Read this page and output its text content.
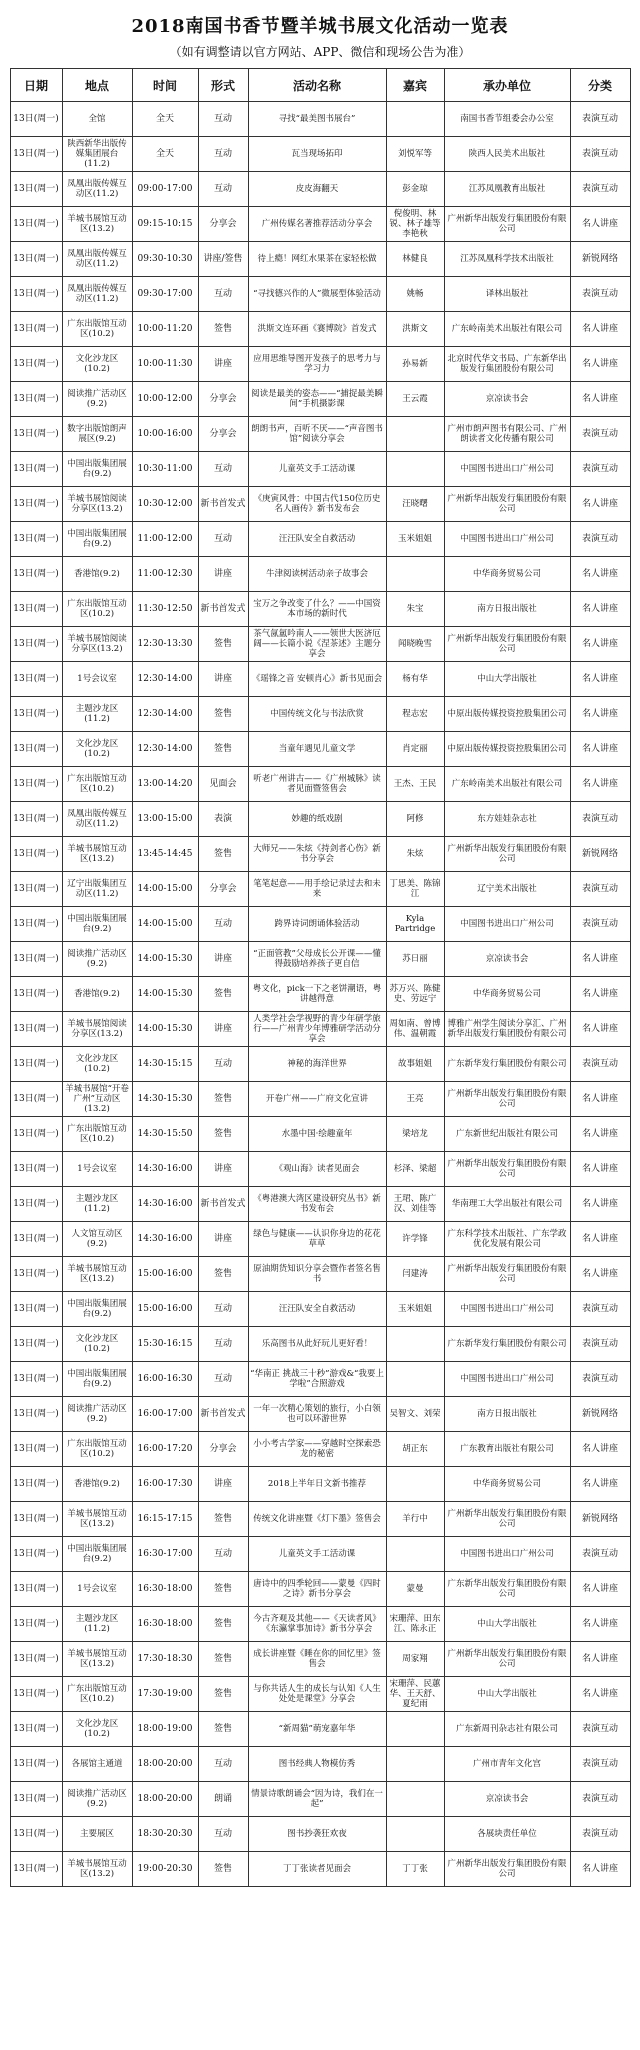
2018南国书香节暨羊城书展文化活动一览表
（如有调整请以官方网站、APP、微信和现场公告为准）
日期	地点	时间	形式	活动名称	嘉宾	承办单位	分类
13日(周一)	全馆	全天	互动	寻找“最美图书展台”		南国书香节组委会办公室	表演互动
13日(周一)	陕西新华出版传媒集团展台(11.2)	全天	互动	瓦当现场拓印	刘悦军等	陕西人民美术出版社	表演互动
13日(周一)	凤凰出版传媒互动区(11.2)	09:00-17:00	互动	皮皮海翻天	彭金琼	江苏凤凰教育出版社	表演互动
13日(周一)	羊城书展馆互动区(13.2)	09:15-10:15	分享会	广州传媒名著推荐活动分享会	倪俊明、林锐、林子雄等李艳秋	广州新华出版发行集团股份有限公司	名人讲座
13日(周一)	凤凰出版传媒互动区(11.2)	09:30-10:30	讲座/签售	待上瘾！网红水果茶在家轻松做	林健良	江苏凤凰科学技术出版社	新锐网络
13日(周一)	凤凰出版传媒互动区(11.2)	09:30-17:00	互动	“寻找德兴作的人”微展型体验活动	姚畅	译林出版社	表演互动
13日(周一)	广东出版馆互动区(10.2)	10:00-11:20	签售	洪斯文连环画《赛博院》首发式	洪斯文	广东岭南美术出版社有限公司	名人讲座
13日(周一)	文化沙龙区(10.2)	10:00-11:30	讲座	应用思维导图开发孩子的思考力与学习力	孙易新	北京时代华文书局、广东新华出版发行集团股份有限公司	名人讲座
13日(周一)	阅读推广活动区(9.2)	10:00-12:00	分享会	阅读是最美的姿态——“捕捉最美瞬间”手机摄影课	王云霞	京凉读书会	名人讲座
13日(周一)	数字出版馆朗声展区(9.2)	10:00-16:00	分享会	朗朗书声，百听不厌——“声音图书馆”阅读分享会		广州市朗声图书有限公司、广州朗读者文化传播有限公司	表演互动
13日(周一)	中国出版集团展台(9.2)	10:30-11:00	互动	儿童英文手工活动课		中国图书进出口广州公司	表演互动
13日(周一)	羊城书展馆阅读分享区(13.2)	10:30-12:00	新书首发式	《庚寅风骨：中国古代150位历史名人画传》新书发布会	汪晓曙	广州新华出版发行集团股份有限公司	名人讲座
13日(周一)	中国出版集团展台(9.2)	11:00-12:00	互动	汪汪队安全自救活动	玉米姐姐	中国图书进出口广州公司	表演互动
13日(周一)	香港馆(9.2)	11:00-12:30	讲座	牛津阅读树活动亲子故事会		中华商务贸易公司	名人讲座
13日(周一)	广东出版馆互动区(10.2)	11:30-12:50	新书首发式	宝万之争改变了什么？——中国资本市场的新时代	朱宝	南方日报出版社	名人讲座
13日(周一)	羊城书展馆阅读分享区(13.2)	12:30-13:30	签售	茶气氤氲吟南人——领世大医济厄阔——长篇小说《涅茶述》主题分享会	闻晓晚雪	广州新华出版发行集团股份有限公司	名人讲座
13日(周一)	1号会议室	12:30-14:00	讲座	《瑶锋之音 安顿肖心》新书见面会	杨有华	中山大学出版社	名人讲座
13日(周一)	主题沙龙区(11.2)	12:30-14:00	签售	中国传统文化与书法欣赏	程志宏	中原出版传媒投资控股集团公司	名人讲座
13日(周一)	文化沙龙区(10.2)	12:30-14:00	签售	当童年遇见儿童文学	肖定丽	中原出版传媒投资控股集团公司	名人讲座
13日(周一)	广东出版馆互动区(10.2)	13:00-14:20	见面会	听老广州讲古——《广州城脉》读者见面暨签售会	王杰、王民	广东岭南美术出版社有限公司	名人讲座
13日(周一)	凤凰出版传媒互动区(11.2)	13:00-15:00	表演	妙趣的纸戏剧	阿修	东方娃娃杂志社	表演互动
13日(周一)	羊城书展馆互动区(13.2)	13:45-14:45	签售	大师兄——朱炫《持剑者心伤》新书分享会	朱炫	广州新华出版发行集团股份有限公司	新锐网络
13日(周一)	辽宁出版集团互动区(11.2)	14:00-15:00	分享会	笔笔起意——用手绘记录过去和未来	丁思美、陈锦江	辽宁美术出版社	表演互动
13日(周一)	中国出版集团展台(9.2)	14:00-15:00	互动	跨界诗词朗诵体验活动	Kyla Partridge	中国图书进出口广州公司	表演互动
13日(周一)	阅读推广活动区(9.2)	14:00-15:30	讲座	“正面管教”父母成长公开课——懂得鼓励培养孩子更自信	苏日丽	京凉读书会	名人讲座
13日(周一)	香港馆(9.2)	14:00-15:30	签售	粤文化，pick一下之老饼潮语，粤讲越得意	苏万兴、陈健史、劳远宁	中华商务贸易公司	名人讲座
13日(周一)	羊城书展馆阅读分享区(13.2)	14:00-15:30	讲座	人类学社会学视野的青少年研学旅行——广州青少年博雅研学活动分享会	周如南、曾博伟、温朝霞	博雅广州学生阅读分享汇、广州新华出版发行集团股份有限公司	名人讲座
13日(周一)	文化沙龙区(10.2)	14:30-15:15	互动	神秘的海洋世界	故事姐姐	广东新华发行集团股份有限公司	表演互动
13日(周一)	羊城书展馆“开卷广州”互动区(13.2)	14:30-15:30	签售	开卷广州——广府文化宣讲	王亮	广州新华出版发行集团股份有限公司	名人讲座
13日(周一)	广东出版馆互动区(10.2)	14:30-15:50	签售	水墨中国·绘趣童年	梁培龙	广东新世纪出版社有限公司	名人讲座
13日(周一)	1号会议室	14:30-16:00	讲座	《观山海》读者见面会	杉泽、梁超	广州新华出版发行集团股份有限公司	名人讲座
13日(周一)	主题沙龙区(11.2)	14:30-16:00	新书首发式	《粤港澳大湾区建设研究丛书》新书发布会	王珺、陈广汉、刘佳等	华南理工大学出版社有限公司	名人讲座
13日(周一)	人文馆互动区(9.2)	14:30-16:00	讲座	绿色与健康——认识你身边的花花草草	许学锋	广东科学技术出版社、广东学政优化发展有限公司	名人讲座
13日(周一)	羊城书展馆互动区(13.2)	15:00-16:00	签售	原油期货知识分享会暨作者签名售书	闫建涛	广州新华出版发行集团股份有限公司	名人讲座
13日(周一)	中国出版集团展台(9.2)	15:00-16:00	互动	汪汪队安全自救活动	玉米姐姐	中国图书进出口广州公司	表演互动
13日(周一)	文化沙龙区(10.2)	15:30-16:15	互动	乐高图书从此好玩儿更好看！		广东新华发行集团股份有限公司	表演互动
13日(周一)	中国出版集团展台(9.2)	16:00-16:30	互动	“华南正 挑战三十秒”游戏&“我要上学啦”合照游戏		中国图书进出口广州公司	表演互动
13日(周一)	阅读推广活动区(9.2)	16:00-17:00	新书首发式	一年一次精心策划的旅行，小白领也可以环游世界	吴智文、刘荣	南方日报出版社	新锐网络
13日(周一)	广东出版馆互动区(10.2)	16:00-17:20	分享会	小小考古学家——穿越时空探索恐龙的秘密	胡正东	广东教育出版社有限公司	名人讲座
13日(周一)	香港馆(9.2)	16:00-17:30	讲座	2018上半年日文新书推荐		中华商务贸易公司	名人讲座
13日(周一)	羊城书展馆互动区(13.2)	16:15-17:15	签售	传统文化讲座暨《灯下墨》签售会	羊行中	广州新华出版发行集团股份有限公司	新锐网络
13日(周一)	中国出版集团展台(9.2)	16:30-17:00	互动	儿童英文手工活动课		中国图书进出口广州公司	表演互动
13日(周一)	1号会议室	16:30-18:00	签售	唐诗中的四季轮回——蒙曼《四时之诗》新书分享会	蒙曼	广东新华出版发行集团股份有限公司	名人讲座
13日(周一)	主题沙龙区(11.2)	16:30-18:00	签售	今古齐观及其他——《天读者风》《东瀛掌事加诗》新书分享会	宋珊萍、田东江、陈永正	中山大学出版社	名人讲座
13日(周一)	羊城书展馆互动区(13.2)	17:30-18:30	签售	成长讲座暨《睡在你的回忆里》签售会	周家翔	广州新华出版发行集团股份有限公司	名人讲座
13日(周一)	广东出版馆互动区(10.2)	17:30-19:00	签售	与你共话人生的成长与认知《人生处处是课堂》分享会	宋珊萍、民蕙华、王天舒、夏纪雨	中山大学出版社	名人讲座
13日(周一)	文化沙龙区(10.2)	18:00-19:00	签售	“新周猫”萌宠嘉年华		广东新周刊杂志社有限公司	表演互动
13日(周一)	各展馆主通道	18:00-20:00	互动	图书经典人物模仿秀		广州市青年文化宫	表演互动
13日(周一)	阅读推广活动区(9.2)	18:00-20:00	朗诵	情景诗歌朗诵会“因为诗，我们在一起”		京凉读书会	表演互动
13日(周一)	主要展区	18:30-20:30	互动	图书抄袭狂欢夜		各展块责任单位	表演互动
13日(周一)	羊城书展馆互动区(13.2)	19:00-20:30	签售	丁丁张读者见面会	丁丁张	广州新华出版发行集团股份有限公司	名人讲座
